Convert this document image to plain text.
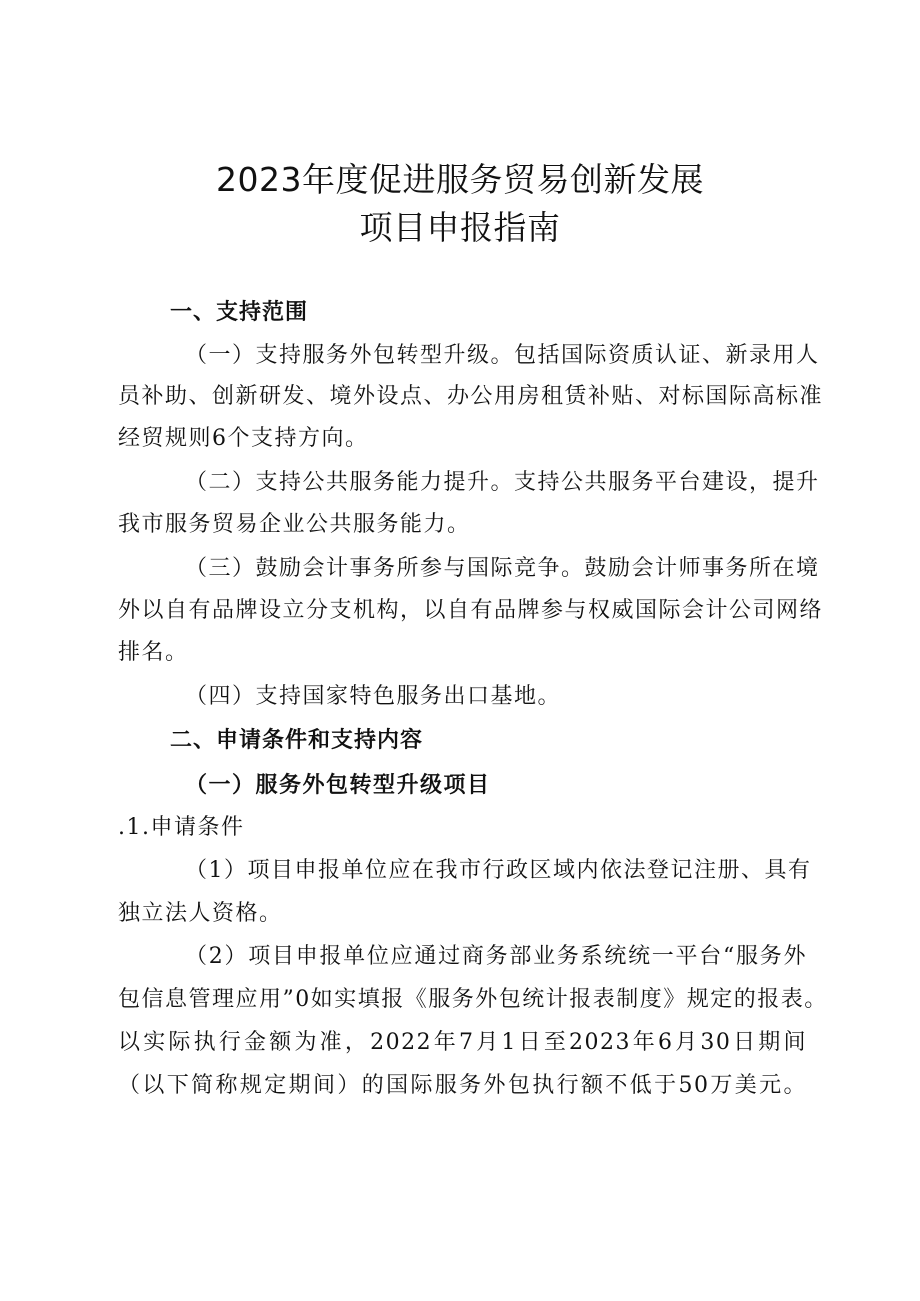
2023年度促进服务贸易创新发展
项目申报指南
一、支持范围
（一）支持服务外包转型升级。包括国际资质认证、新录用人
员补助、创新研发、境外设点、办公用房租赁补贴、对标国际高标准
经贸规则6个支持方向。
（二）支持公共服务能力提升。支持公共服务平台建设，提升
我市服务贸易企业公共服务能力。
（三）鼓励会计事务所参与国际竞争。鼓励会计师事务所在境
外以自有品牌设立分支机构，以自有品牌参与权威国际会计公司网络
排名。
（四）支持国家特色服务出口基地。
二、申请条件和支持内容
（一）服务外包转型升级项目
.1.申请条件
（1）项目申报单位应在我市行政区域内依法登记注册、具有
独立法人资格。
（2）项目申报单位应通过商务部业务系统统一平台“服务外
包信息管理应用”0如实填报《服务外包统计报表制度》规定的报表。
以实际执行金额为准，2022年7月1日至2023年6月30日期间
（以下简称规定期间）的国际服务外包执行额不低于50万美元。
